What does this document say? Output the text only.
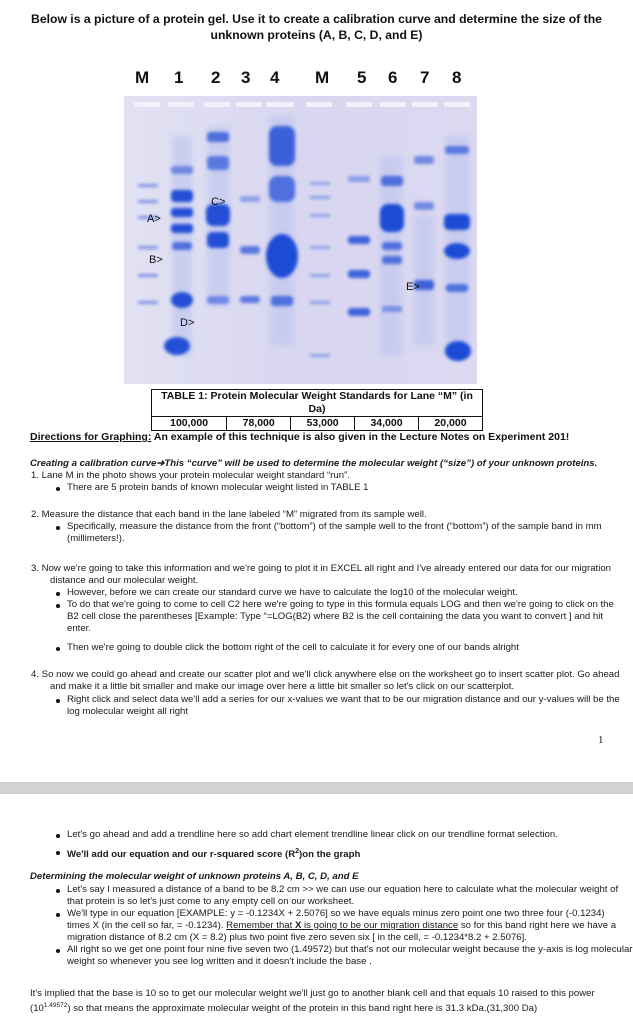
Below is a picture of a protein gel. Use it to create a calibration curve and determine the size of the
unknown proteins (A, B, C, D, and E)
M 1 2 3 4 M 5 6 7 8
A>
B>
C>
D>
E>
TABLE 1: Protein Molecular Weight Standards for Lane “M” (in Da)
100,000	78,000	53,000	34,000	20,000
Directions for Graphing: An example of this technique is also given in the Lecture Notes on Experiment 201!
Creating a calibration curve➔This “curve” will be used to determine the molecular weight (“size”) of your unknown proteins.
1. Lane M in the photo shows your protein molecular weight standard “run”.
There are 5 protein bands of known molecular weight listed in TABLE 1
2. Measure the distance that each band in the lane labeled “M” migrated from its sample well.
Specifically, measure the distance from the front (“bottom”) of the sample well to the front (“bottom”) of the sample band in mm
(millimeters!).
3. Now we're going to take this information and we're going to plot it in EXCEL all right and I've already entered our data for our migration
distance and our molecular weight.
However, before we can create our standard curve we have to calculate the log10 of the molecular weight.
To do that we're going to come to cell C2 here we're going to type in this formula equals LOG and then we're going to click on the
B2 cell close the parentheses [Example: Type “=LOG(B2) where B2 is the cell containing the data you want to convert ] and hit
enter.
Then we're going to double click the bottom right of the cell to calculate it for every one of our bands alright
4. So now we could go ahead and create our scatter plot and we'll click anywhere else on the worksheet go to insert scatter plot. Go ahead
and make it a little bit smaller and make our image over here a little bit smaller so let's click on our scatterplot.
Right click and select data we'll add a series for our x-values we want that to be our migration distance and our y-values will be the
log molecular weight all right
1
Let's go ahead and add a trendline here so add chart element trendline linear click on our trendline format selection.
We'll add our equation and our r-squared score $(R^2)on$ the graph
Determining the molecular weight of unknown proteins A, B, C, D, and E
Let's say I measured a distance of a band to be 8.2 cm >> we can use our equation here to calculate what the molecular weight of
that protein is so let's just come to any empty cell on our worksheet.
We'll type in our equation [EXAMPLE: y = -0.1234X + 2.5076] so we have equals minus zero point one two three four (-0.1234)
times X (in the cell so far, = -0.1234). Remember that X is going to be our migration distance so for this band right here we have a
migration distance of 8.2 cm (X = 8.2) plus two point five zero seven six [ in the cell, = -0.1234*8.2 + 2.5076].
All right so we get one point four nine five seven two (1.49572) but that's not our molecular weight because the y-axis is log molecular
weight so whenever you see log written and it doesn't include the base .
It's implied that the base is 10 so to get our molecular weight we'll just go to another blank cell and that equals 10 raised to this power
$(10^{1.49572})$ so that means the approximate molecular weight of the protein in this band right here is 31.3 kDa.(31,300 Da)
